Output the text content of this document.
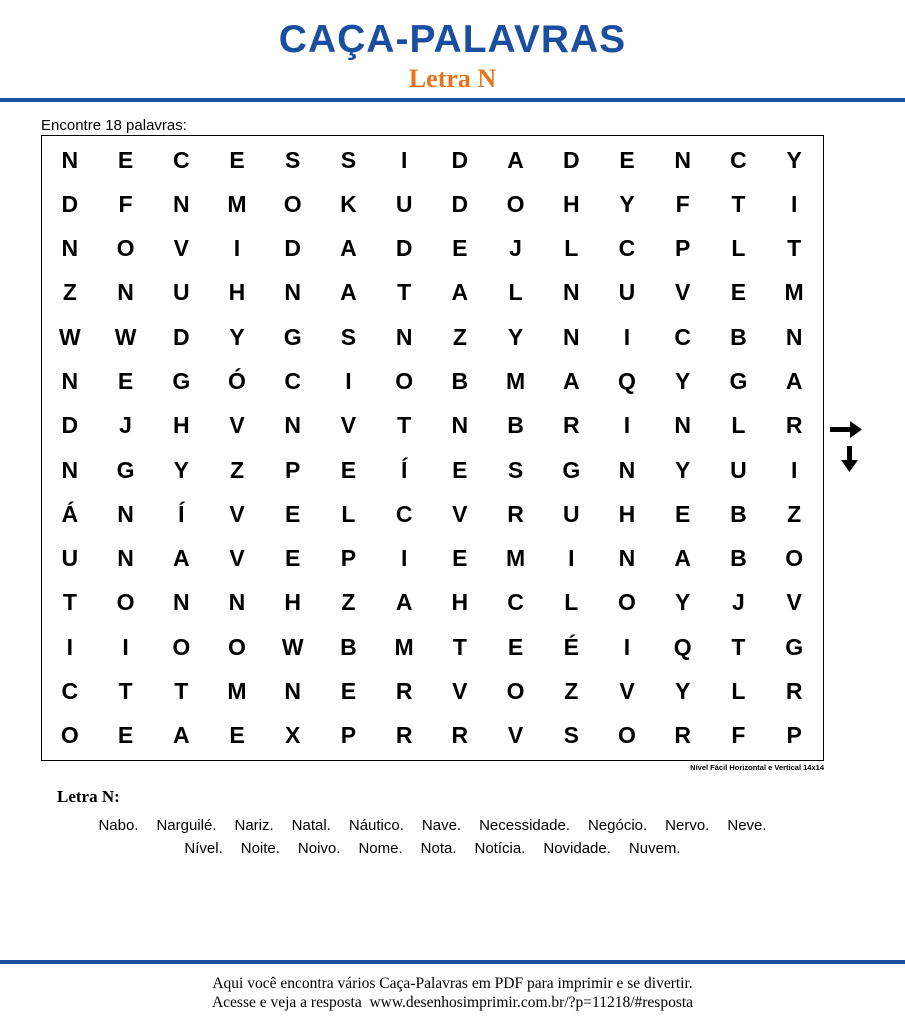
CAÇA-PALAVRAS
Letra N
Encontre 18 palavras:
N	E	C	E	S	S	I	D	A	D	E	N	C	Y
D	F	N	M	O	K	U	D	O	H	Y	F	T	I
N	O	V	I	D	A	D	E	J	L	C	P	L	T
Z	N	U	H	N	A	T	A	L	N	U	V	E	M
W	W	D	Y	G	S	N	Z	Y	N	I	C	B	N
N	E	G	Ó	C	I	O	B	M	A	Q	Y	G	A
D	J	H	V	N	V	T	N	B	R	I	N	L	R
N	G	Y	Z	P	E	Í	E	S	G	N	Y	U	I
Á	N	Í	V	E	L	C	V	R	U	H	E	B	Z
U	N	A	V	E	P	I	E	M	I	N	A	B	O
T	O	N	N	H	Z	A	H	C	L	O	Y	J	V
I	I	O	O	W	B	M	T	E	É	I	Q	T	G
C	T	T	M	N	E	R	V	O	Z	V	Y	L	R
O	E	A	E	X	P	R	R	V	S	O	R	F	P
Nível Fácil Horizontal e Vertical 14x14
Letra N:
Nabo. Narguilé. Nariz. Natal. Náutico. Nave. Necessidade. Negócio. Nervo. Neve.
Nível. Noite. Noivo. Nome. Nota. Notícia. Novidade. Nuvem.
Aqui você encontra vários Caça-Palavras em PDF para imprimir e se divertir.
Acesse e veja a resposta  www.desenhosimprimir.com.br/?p=11218/#resposta
